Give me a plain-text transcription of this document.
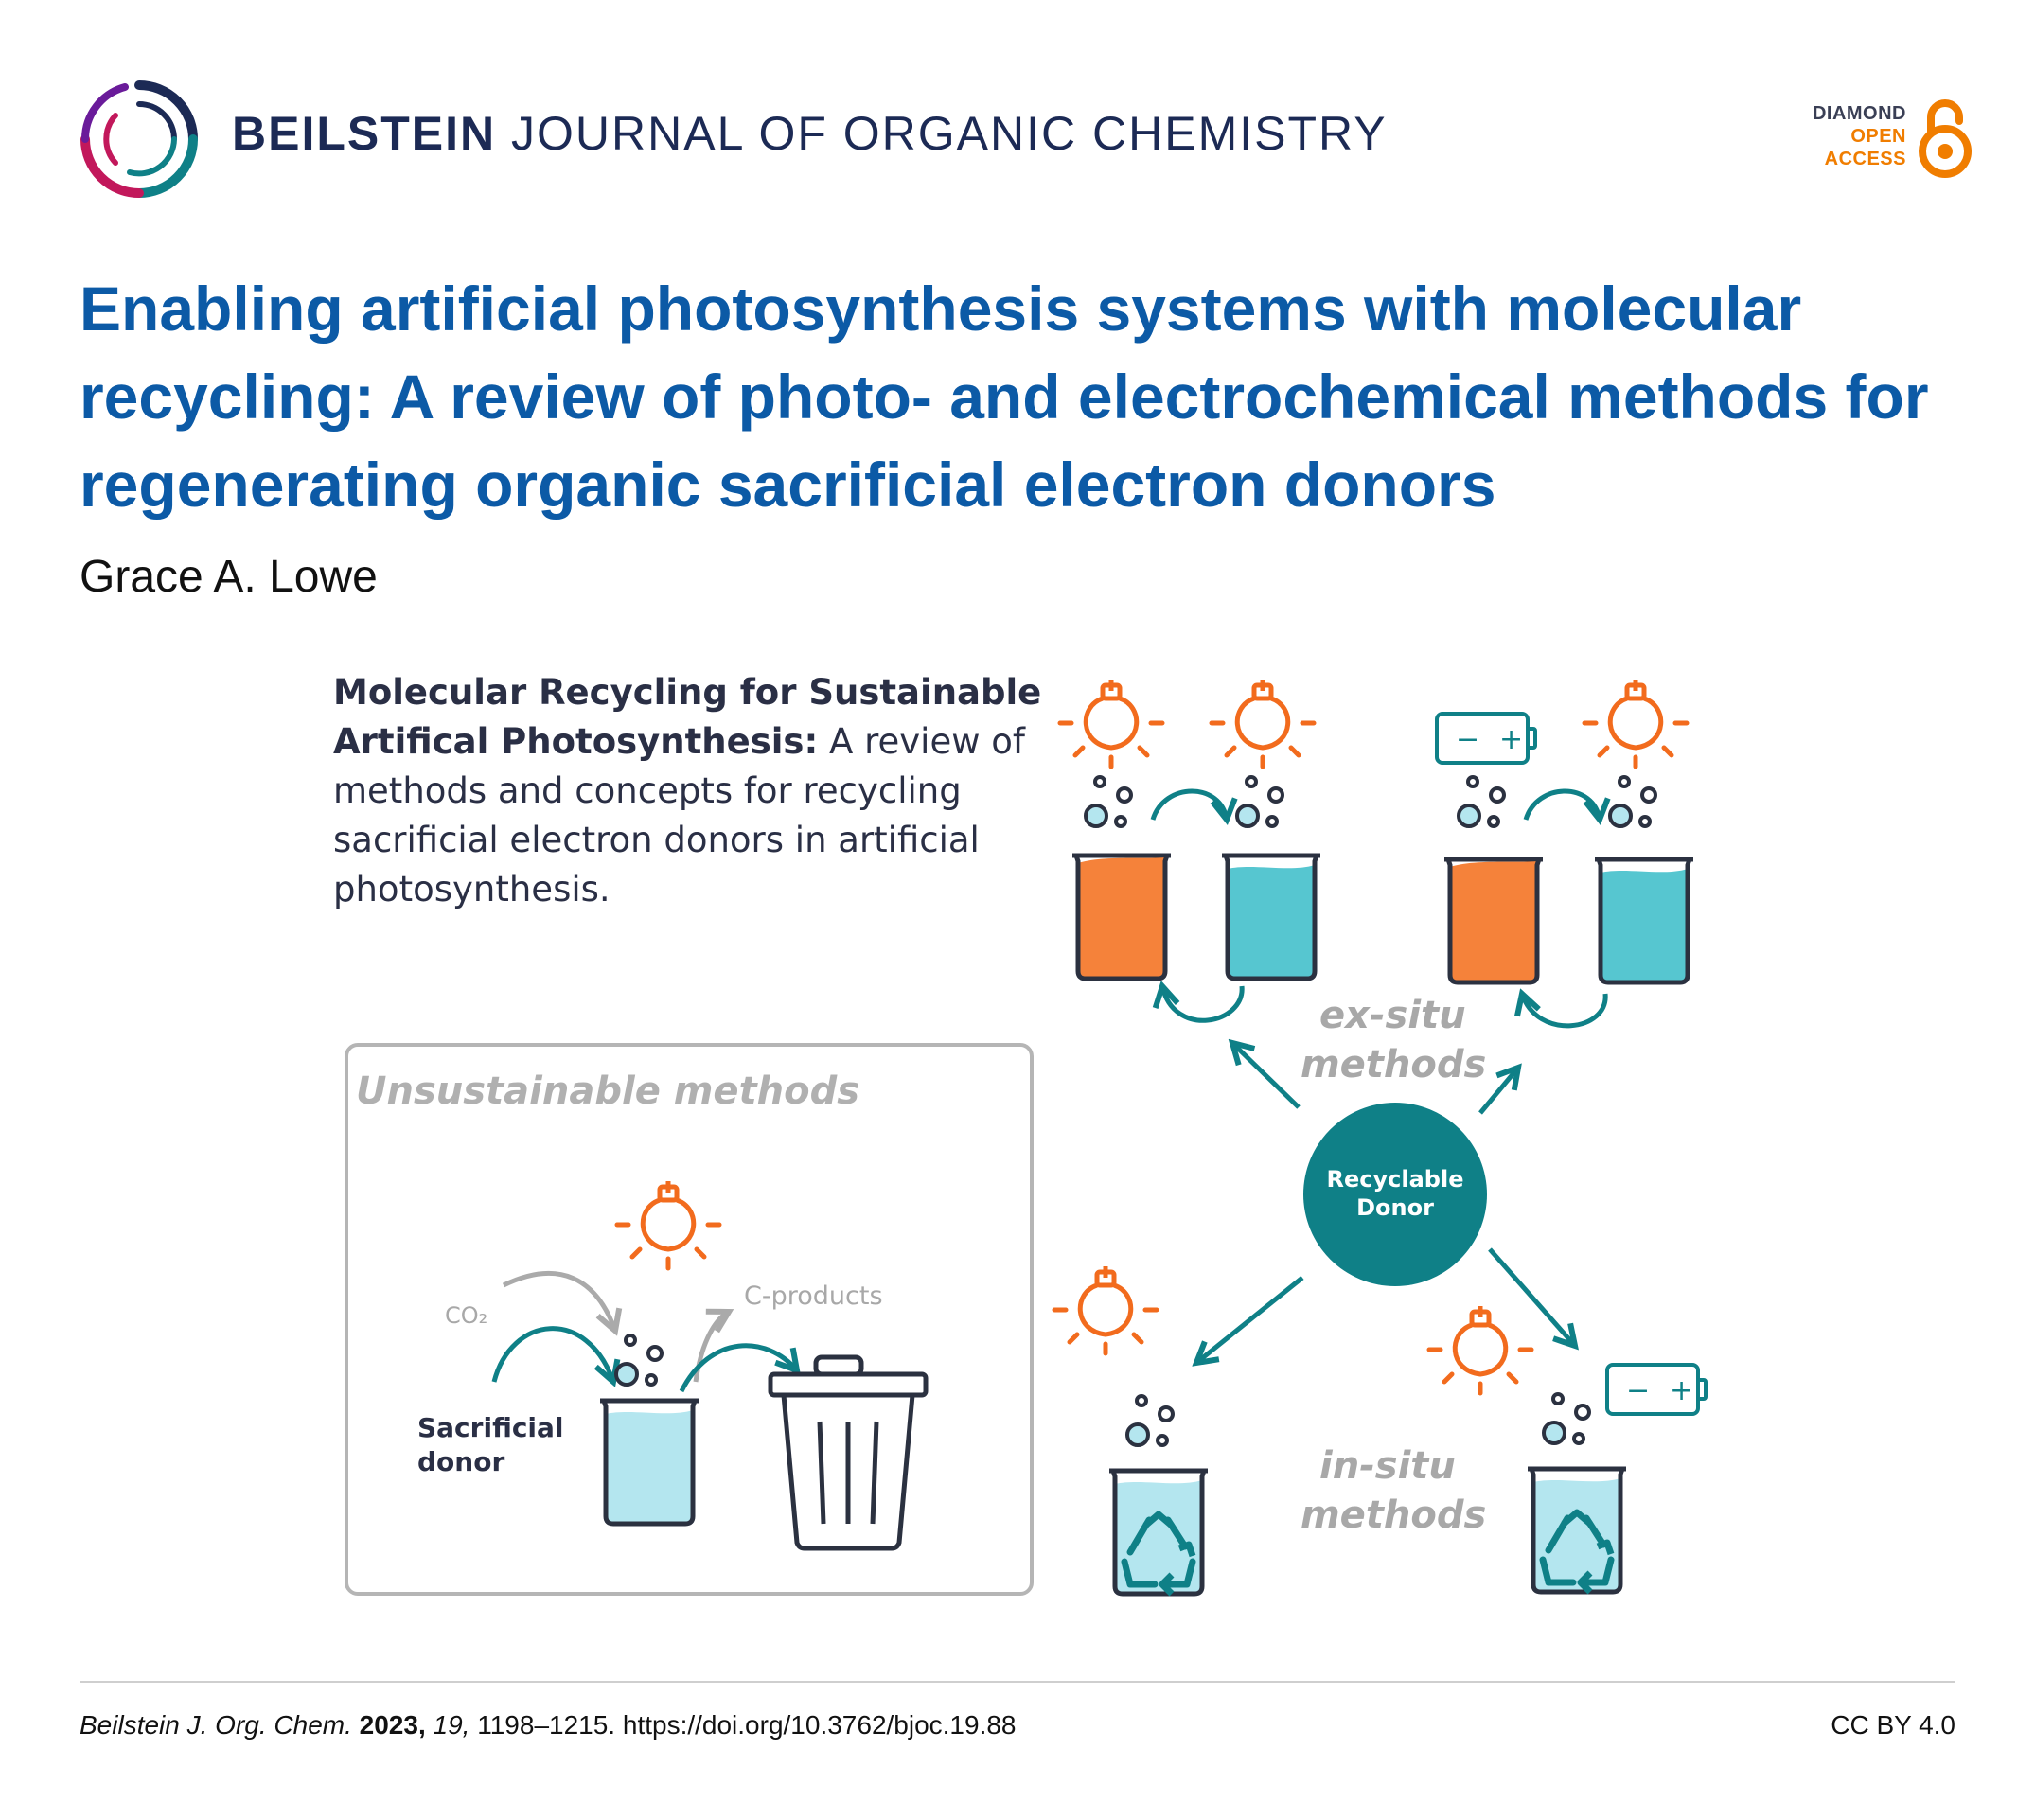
BEILSTEIN JOURNAL OF ORGANIC CHEMISTRY	DIAMOND
OPEN
ACCESS
Enabling artificial photosynthesis systems with molecular recycling: A review of photo- and electrochemical methods for regenerating organic sacrificial electron donors
Grace A. Lowe
Molecular Recycling for Sustainable
Artifical Photosynthesis: A review of
methods and concepts for recycling
sacrificial electron donors in artificial
photosynthesis.
Unsustainable methods
CO₂
C-products
Sacrificial
donor
− +
ex-situ
methods
Recyclable
Donor
− +
in-situ
methods
Beilstein J. Org. Chem. 2023, 19, 1198–1215. https://doi.org/10.3762/bjoc.19.88	CC BY 4.0
